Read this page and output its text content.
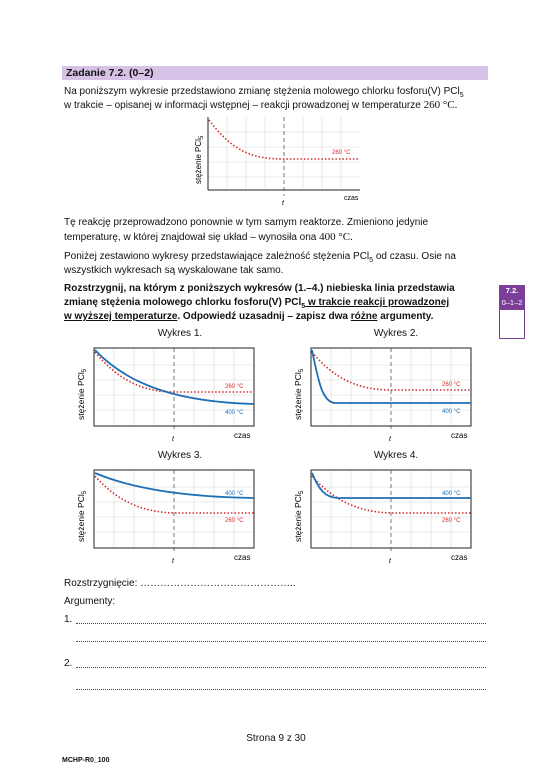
Zadanie 7.2. (0–2)
Na poniższym wykresie przedstawiono zmianę stężenia molowego chlorku fosforu(V) PCl$_5$
w trakcie – opisanej w informacji wstępnej – reakcji prowadzonej w temperaturze 260 °C.
260 °C
t
czas
stężenie PCl$_5$
Tę reakcję przeprowadzono ponownie w tym samym reaktorze. Zmieniono jedynie
temperaturę, w której znajdował się układ – wynosiła ona 400 °C.
Poniżej zestawiono wykresy przedstawiające zależność stężenia PCl$_5$ od czasu. Osie na
wszystkich wykresach są wyskalowane tak samo.
Rozstrzygnij, na którym z poniższych wykresów (1.–4.) niebieska linia przedstawia
zmianę stężenia molowego chlorku fosforu(V) PCl$_5$ w trakcie reakcji prowadzonej
w wyższej temperaturze. Odpowiedź uzasadnij – zapisz dwa różne argumenty.
7.2.
0–1–2
Wykres 1.	Wykres 2.
Wykres 3.	Wykres 4.
260 °C
400 °C
t	czas
stężenie PCl$_5$
260 °C
400 °C
t	czas
stężenie PCl$_5$
400 °C
260 °C
t	czas
stężenie PCl$_5$	400 °C
260 °C
t	czas
stężenie PCl$_5$
Rozstrzygnięcie: ………………………………………..
Argumenty:
1.
2.
Strona 9 z 30
MCHP-R0_100
